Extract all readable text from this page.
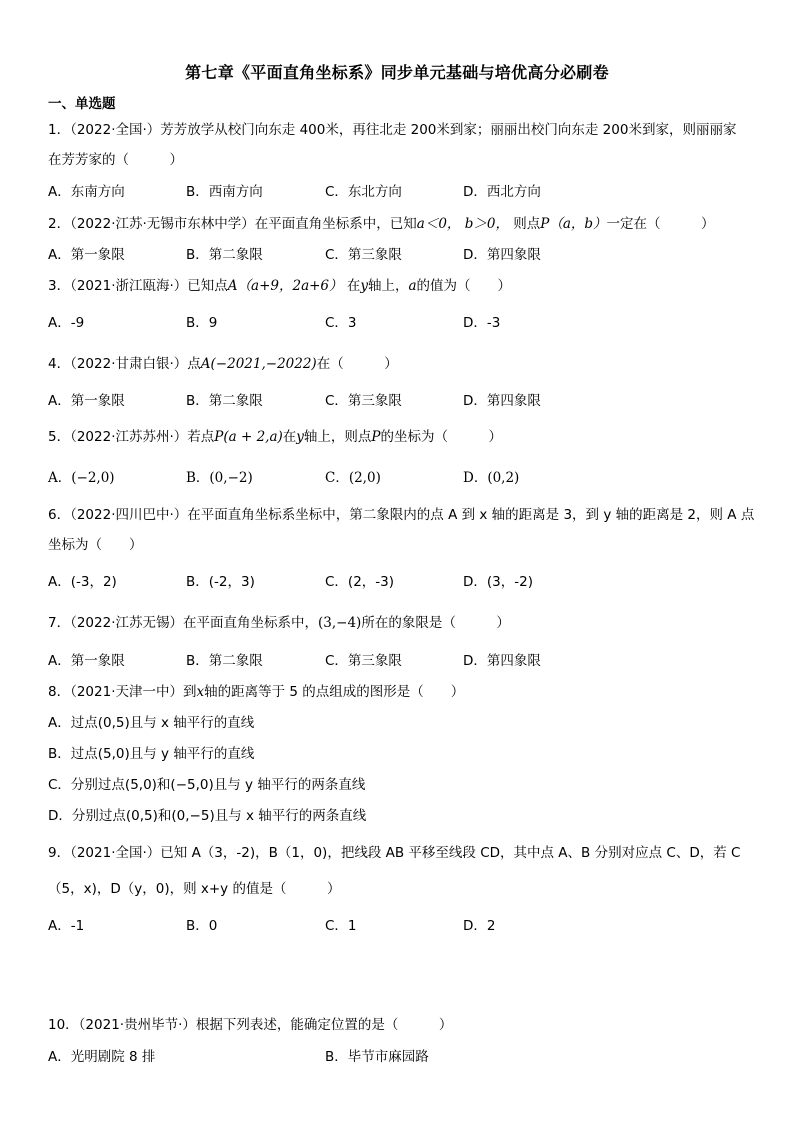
第七章《平面直角坐标系》同步单元基础与培优高分必刷卷
一、单选题
1．（2022·全国·）芳芳放学从校门向东走 400米，再往北走 200米到家；丽丽出校门向东走 200米到家，则丽丽家
在芳芳家的（　　　）
A．东南方向	B．西南方向	C．东北方向	D．西北方向
2．（2022·江苏·无锡市东林中学）在平面直角坐标系中，已知a＜0， b＞0， 则点P（a，b）一定在（　　　）
A．第一象限	B．第二象限	C．第三象限	D．第四象限
3．（2021·浙江瓯海·）已知点A（a+9，2a+6） 在y轴上，a的值为（　　）
A．-9	B．9	C．3	D．-3
4．（2022·甘肃白银·）点A(−2021,−2022)在（　　　）
A．第一象限	B．第二象限	C．第三象限	D．第四象限
5．（2022·江苏苏州·）若点P(a + 2,a)在y轴上，则点P的坐标为（　　　）
A．(−2,0)	B．(0,−2)	C．(2,0)	D．(0,2)
6．（2022·四川巴中·）在平面直角坐标系坐标中，第二象限内的点 A 到 x 轴的距离是 3，到 y 轴的距离是 2，则 A 点
坐标为（　　）
A．(-3，2)	B．(-2，3)	C．(2，-3)	D．(3，-2)
7．（2022·江苏无锡）在平面直角坐标系中，(3,−4)所在的象限是（　　　）
A．第一象限	B．第二象限	C．第三象限	D．第四象限
8．（2021·天津一中）到x轴的距离等于 5 的点组成的图形是（　　）
A．过点(0,5)且与 x 轴平行的直线
B．过点(5,0)且与 y 轴平行的直线
C．分别过点(5,0)和(−5,0)且与 y 轴平行的两条直线
D．分别过点(0,5)和(0,−5)且与 x 轴平行的两条直线
9．（2021·全国·）已知 A（3，-2)，B（1，0)，把线段 AB 平移至线段 CD，其中点 A、B 分别对应点 C、D，若 C
（5，x)，D（y，0)，则 x+y 的值是（　　　）
A．-1	B．0	C．1	D．2
10．（2021·贵州毕节·）根据下列表述，能确定位置的是（　　　）
A．光明剧院 8 排	B．毕节市麻园路
